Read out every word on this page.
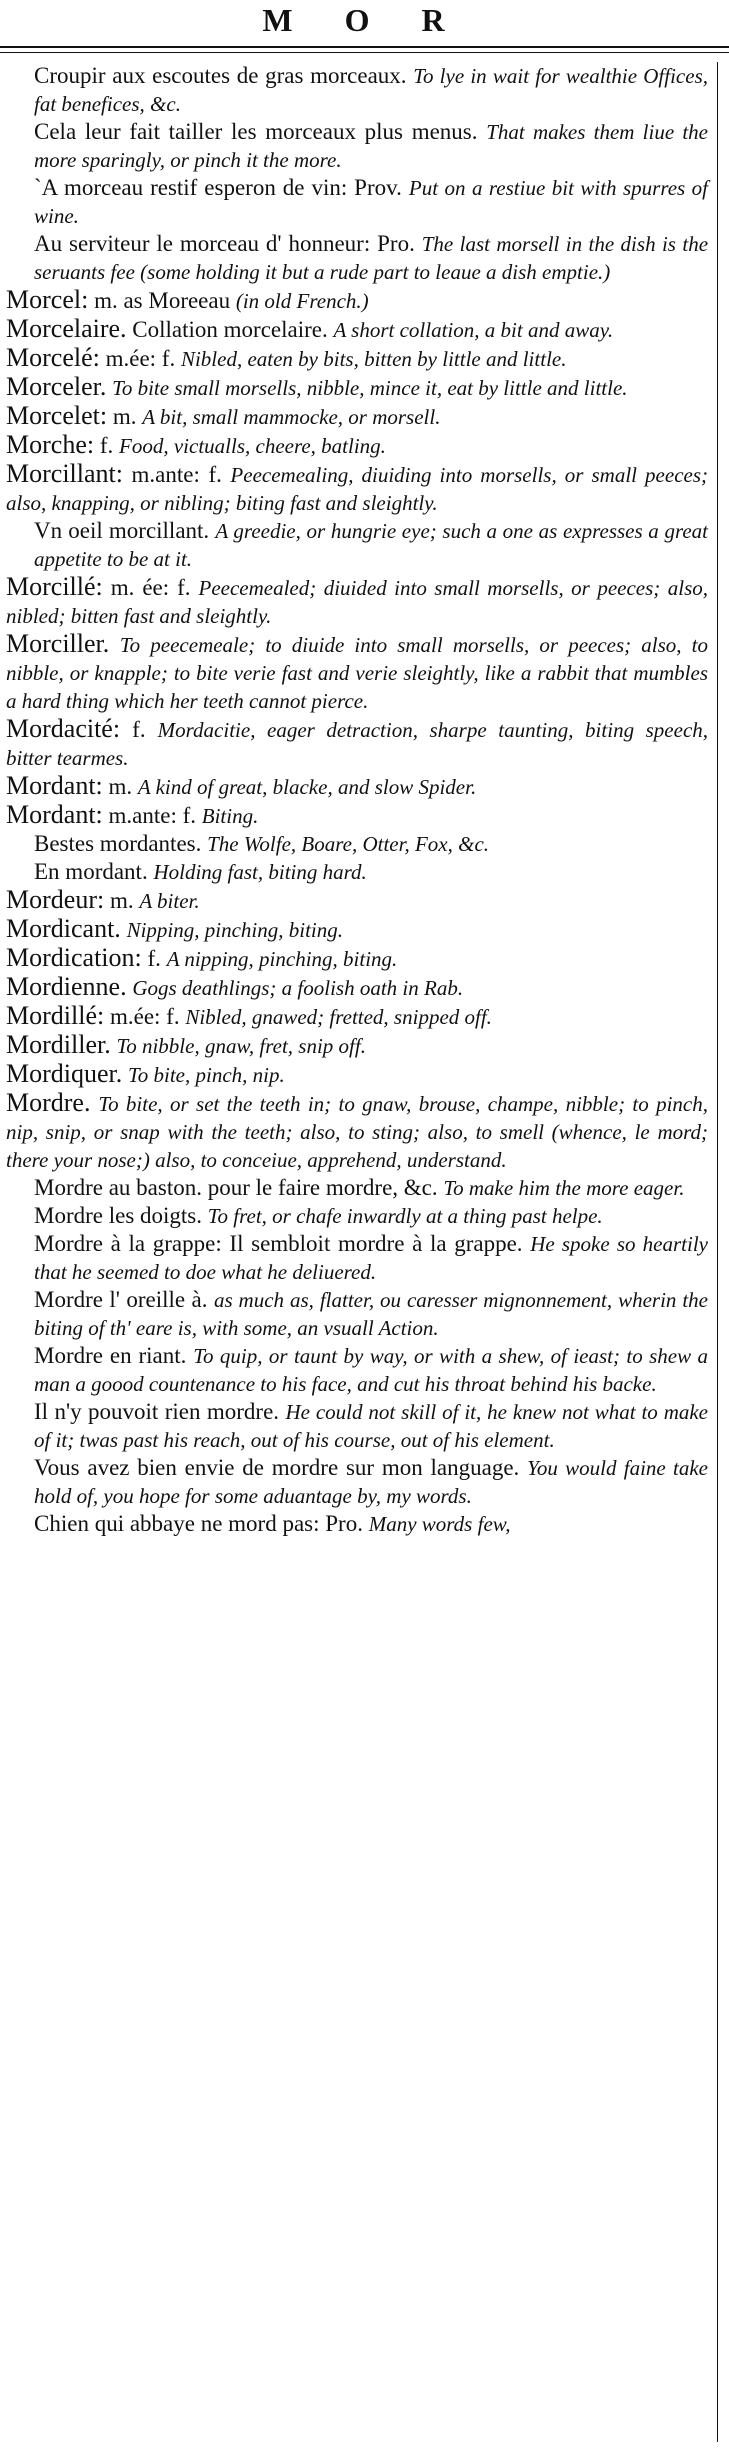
M O R

Croupir aux escoutes de gras morceaux. To lye in wait for wealthie Offices, fat benefices, &c.

Cela leur fait tailler les morceaux plus menus. That makes them liue the more sparingly, or pinch it the more.

`A morceau restif esperon de vin: Prov. Put on a restiue bit with spurres of wine.

Au serviteur le morceau d' honneur: Pro. The last morsell in the dish is the seruants fee (some holding it but a rude part to leaue a dish emptie.)

Morcel: m. as Moreeau (in old French.)

Morcelaire. Collation morcelaire. A short collation, a bit and away.

Morcelé: m.ée: f. Nibled, eaten by bits, bitten by little and little.

Morceler. To bite small morsells, nibble, mince it, eat by little and little.

Morcelet: m. A bit, small mammocke, or morsell.

Morche: f. Food, victualls, cheere, batling.

Morcillant: m.ante: f. Peecemealing, diuiding into morsells, or small peeces; also, knapping, or nibling; biting fast and sleightly.

Vn oeil morcillant. A greedie, or hungrie eye; such a one as expresses a great appetite to be at it.

Morcillé: m. ée: f. Peecemealed; diuided into small morsells, or peeces; also, nibled; bitten fast and sleightly.

Morciller. To peecemeale; to diuide into small morsells, or peeces; also, to nibble, or knapple; to bite verie fast and verie sleightly, like a rabbit that mumbles a hard thing which her teeth cannot pierce.

Mordacité: f. Mordacitie, eager detraction, sharpe taunting, biting speech, bitter tearmes.

Mordant: m. A kind of great, blacke, and slow Spider.

Mordant: m.ante: f. Biting.

Bestes mordantes. The Wolfe, Boare, Otter, Fox, &c.

En mordant. Holding fast, biting hard.

Mordeur: m. A biter.

Mordicant. Nipping, pinching, biting.

Mordication: f. A nipping, pinching, biting.

Mordienne. Gogs deathlings; a foolish oath in Rab.

Mordillé: m.ée: f. Nibled, gnawed; fretted, snipped off.

Mordiller. To nibble, gnaw, fret, snip off.

Mordiquer. To bite, pinch, nip.

Mordre. To bite, or set the teeth in; to gnaw, brouse, champe, nibble; to pinch, nip, snip, or snap with the teeth; also, to sting; also, to smell (whence, le mord; there your nose;) also, to conceiue, apprehend, understand.

Mordre au baston. pour le faire mordre, &c. To make him the more eager.

Mordre les doigts. To fret, or chafe inwardly at a thing past helpe.

Mordre à la grappe: Il sembloit mordre à la grappe. He spoke so heartily that he seemed to doe what he deliuered.

Mordre l' oreille à. as much as, flatter, ou caresser mignonnement, wherin the biting of th' eare is, with some, an vsuall Action.

Mordre en riant. To quip, or taunt by way, or with a shew, of ieast; to shew a man a goood countenance to his face, and cut his throat behind his backe.

Il n'y pouvoit rien mordre. He could not skill of it, he knew not what to make of it; twas past his reach, out of his course, out of his element.

Vous avez bien envie de mordre sur mon language. You would faine take hold of, you hope for some aduantage by, my words.

Chien qui abbaye ne mord pas: Pro. Many words few,
